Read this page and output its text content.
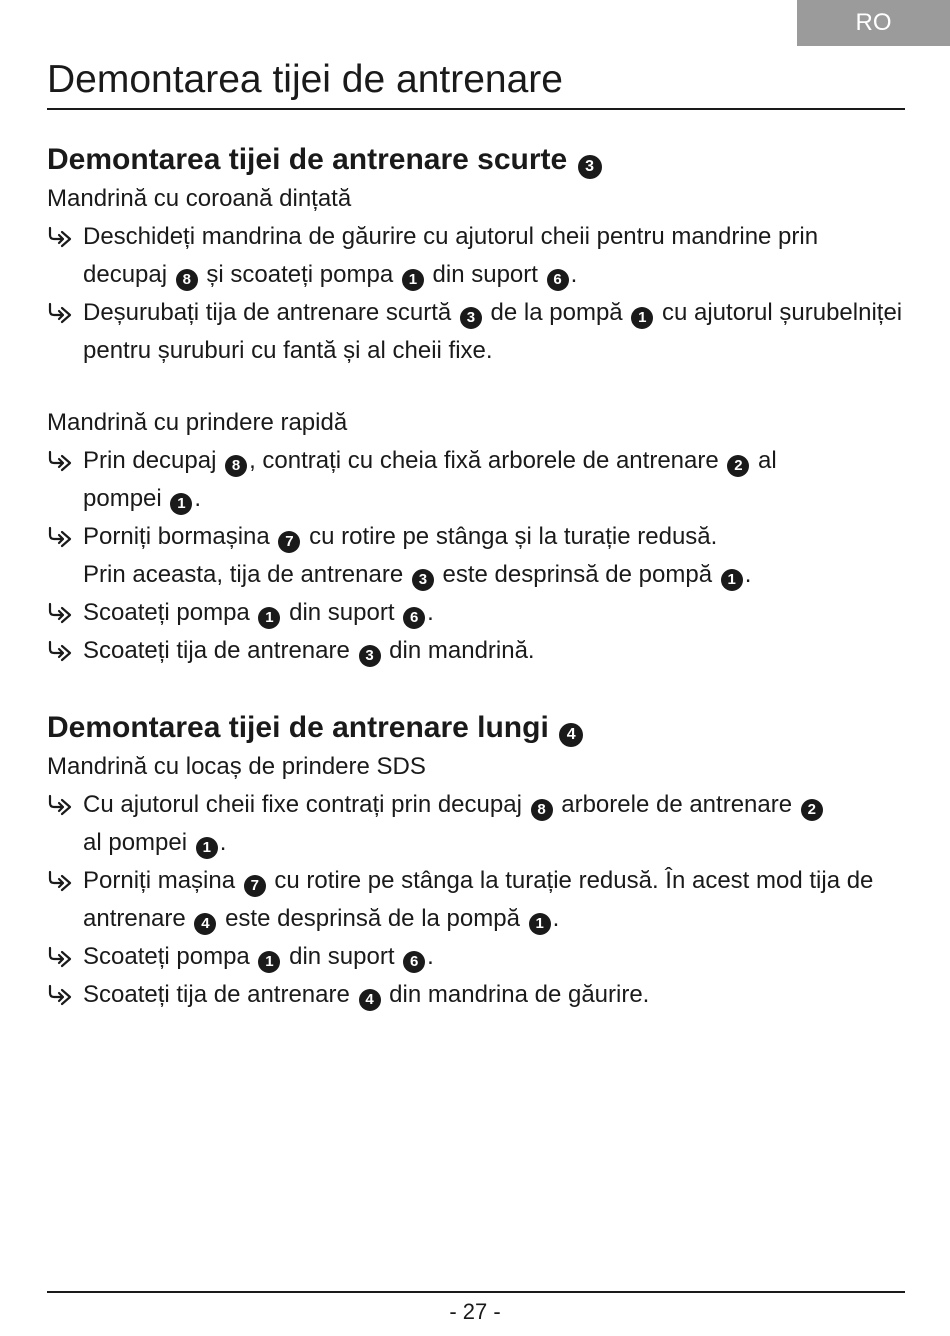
RO
Demontarea tijei de antrenare
Demontarea tijei de antrenare scurte 3
Mandrină cu coroană dințată
Deschideți mandrina de găurire cu ajutorul cheii pentru mandrine prin
decupaj 8 și scoateți pompa 1 din suport 6 .
Deșurubați tija de antrenare scurtă 3 de la pompă 1 cu ajutorul șurubelniței
pentru șuruburi cu fantă și al cheii fixe.
Mandrină cu prindere rapidă
Prin decupaj 8 , contrați cu cheia fixă arborele de antrenare 2 al
pompei 1 .
Porniți bormașina 7 cu rotire pe stânga și la turație redusă.
Prin aceasta, tija de antrenare 3 este desprinsă de pompă 1 .
Scoateți pompa 1 din suport 6 .
Scoateți tija de antrenare 3 din mandrină.
Demontarea tijei de antrenare lungi 4
Mandrină cu locaș de prindere SDS
Cu ajutorul cheii fixe contrați prin decupaj 8 arborele de antrenare 2
al pompei 1 .
Porniți mașina 7 cu rotire pe stânga la turație redusă. În acest mod tija de
antrenare 4 este desprinsă de la pompă 1 .
Scoateți pompa 1 din suport 6 .
Scoateți tija de antrenare 4 din mandrina de găurire.
- 27 -
